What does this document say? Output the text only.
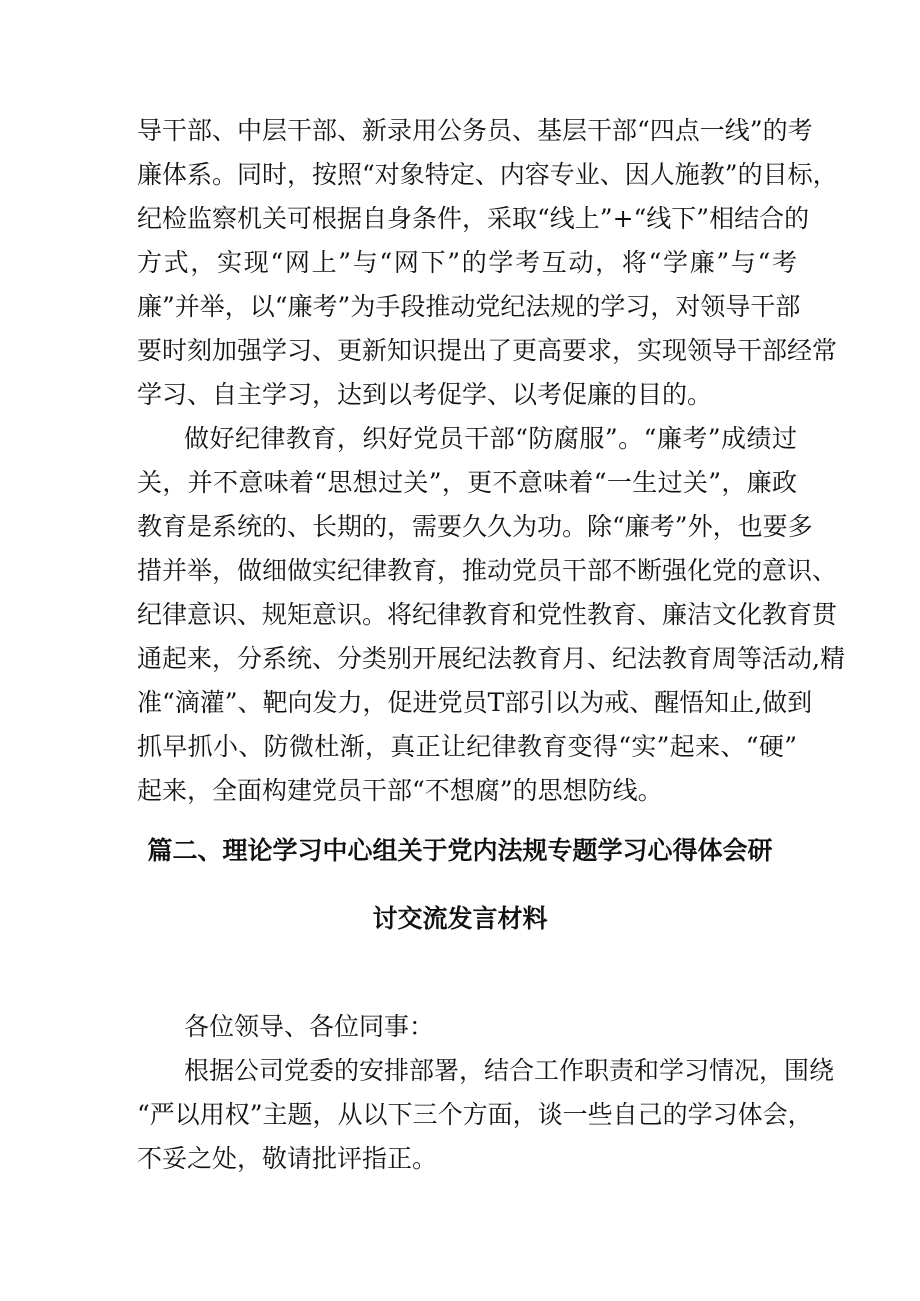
导干部、中层干部、新录用公务员、基层干部“四点一线”的考
廉体系。同时，按照“对象特定、内容专业、因人施教”的目标，
纪检监察机关可根据自身条件，采取“线上”+“线下”相结合的
方式，实现“网上”与“网下”的学考互动，将“学廉”与“考
廉”并举，以“廉考”为手段推动党纪法规的学习，对领导干部
要时刻加强学习、更新知识提出了更高要求，实现领导干部经常
学习、自主学习，达到以考促学、以考促廉的目的。
做好纪律教育，织好党员干部“防腐服”。“廉考”成绩过
关，并不意味着“思想过关”，更不意味着“一生过关”，廉政
教育是系统的、长期的，需要久久为功。除“廉考”外，也要多
措并举，做细做实纪律教育，推动党员干部不断强化党的意识、
纪律意识、规矩意识。将纪律教育和党性教育、廉洁文化教育贯
通起来，分系统、分类别开展纪法教育月、纪法教育周等活动,精
准“滴灌”、靶向发力，促进党员T部引以为戒、醒悟知止,做到
抓早抓小、防微杜渐，真正让纪律教育变得“实”起来、“硬”
起来，全面构建党员干部“不想腐”的思想防线。
篇二、理论学习中心组关于党内法规专题学习心得体会研
讨交流发言材料
各位领导、各位同事：
根据公司党委的安排部署，结合工作职责和学习情况，围绕
“严以用权”主题，从以下三个方面，谈一些自己的学习体会，
不妥之处，敬请批评指正。
